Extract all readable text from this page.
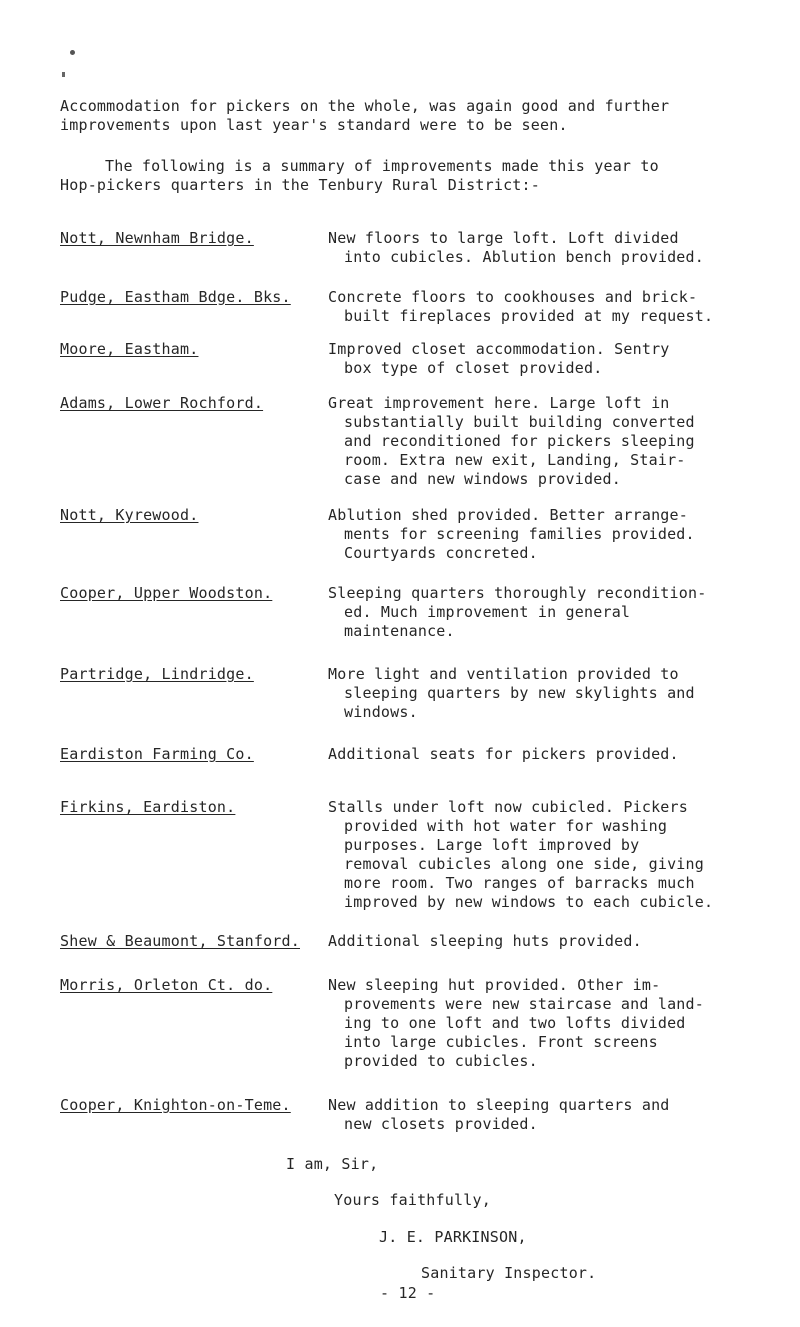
Accommodation for pickers on the whole, was again good and further
improvements upon last year's standard were to be seen.
The following is a summary of improvements made this year to
Hop-pickers quarters in the Tenbury Rural District:-
Nott, Newnham Bridge.	New floors to large loft. Loft divided
into cubicles. Ablution bench provided.
Pudge, Eastham Bdge. Bks.	Concrete floors to cookhouses and brick-
built fireplaces provided at my request.
Moore, Eastham.	Improved closet accommodation. Sentry
box type of closet provided.
Adams, Lower Rochford.	Great improvement here. Large loft in
substantially built building converted
and reconditioned for pickers sleeping
room. Extra new exit, Landing, Stair-
case and new windows provided.
Nott, Kyrewood.	Ablution shed provided. Better arrange-
ments for screening families provided.
Courtyards concreted.
Cooper, Upper Woodston.	Sleeping quarters thoroughly recondition-
ed. Much improvement in general
maintenance.
Partridge, Lindridge.	More light and ventilation provided to
sleeping quarters by new skylights and
windows.
Eardiston Farming Co.	Additional seats for pickers provided.
Firkins, Eardiston.	Stalls under loft now cubicled. Pickers
provided with hot water for washing
purposes. Large loft improved by
removal cubicles along one side, giving
more room. Two ranges of barracks much
improved by new windows to each cubicle.
Shew & Beaumont, Stanford.	Additional sleeping huts provided.
Morris, Orleton Ct. do.	New sleeping hut provided. Other im-
provements were new staircase and land-
ing to one loft and two lofts divided
into large cubicles. Front screens
provided to cubicles.
Cooper, Knighton-on-Teme.	New addition to sleeping quarters and
new closets provided.
I am, Sir,
Yours faithfully,
J. E. PARKINSON,
Sanitary Inspector.
- 12 -
